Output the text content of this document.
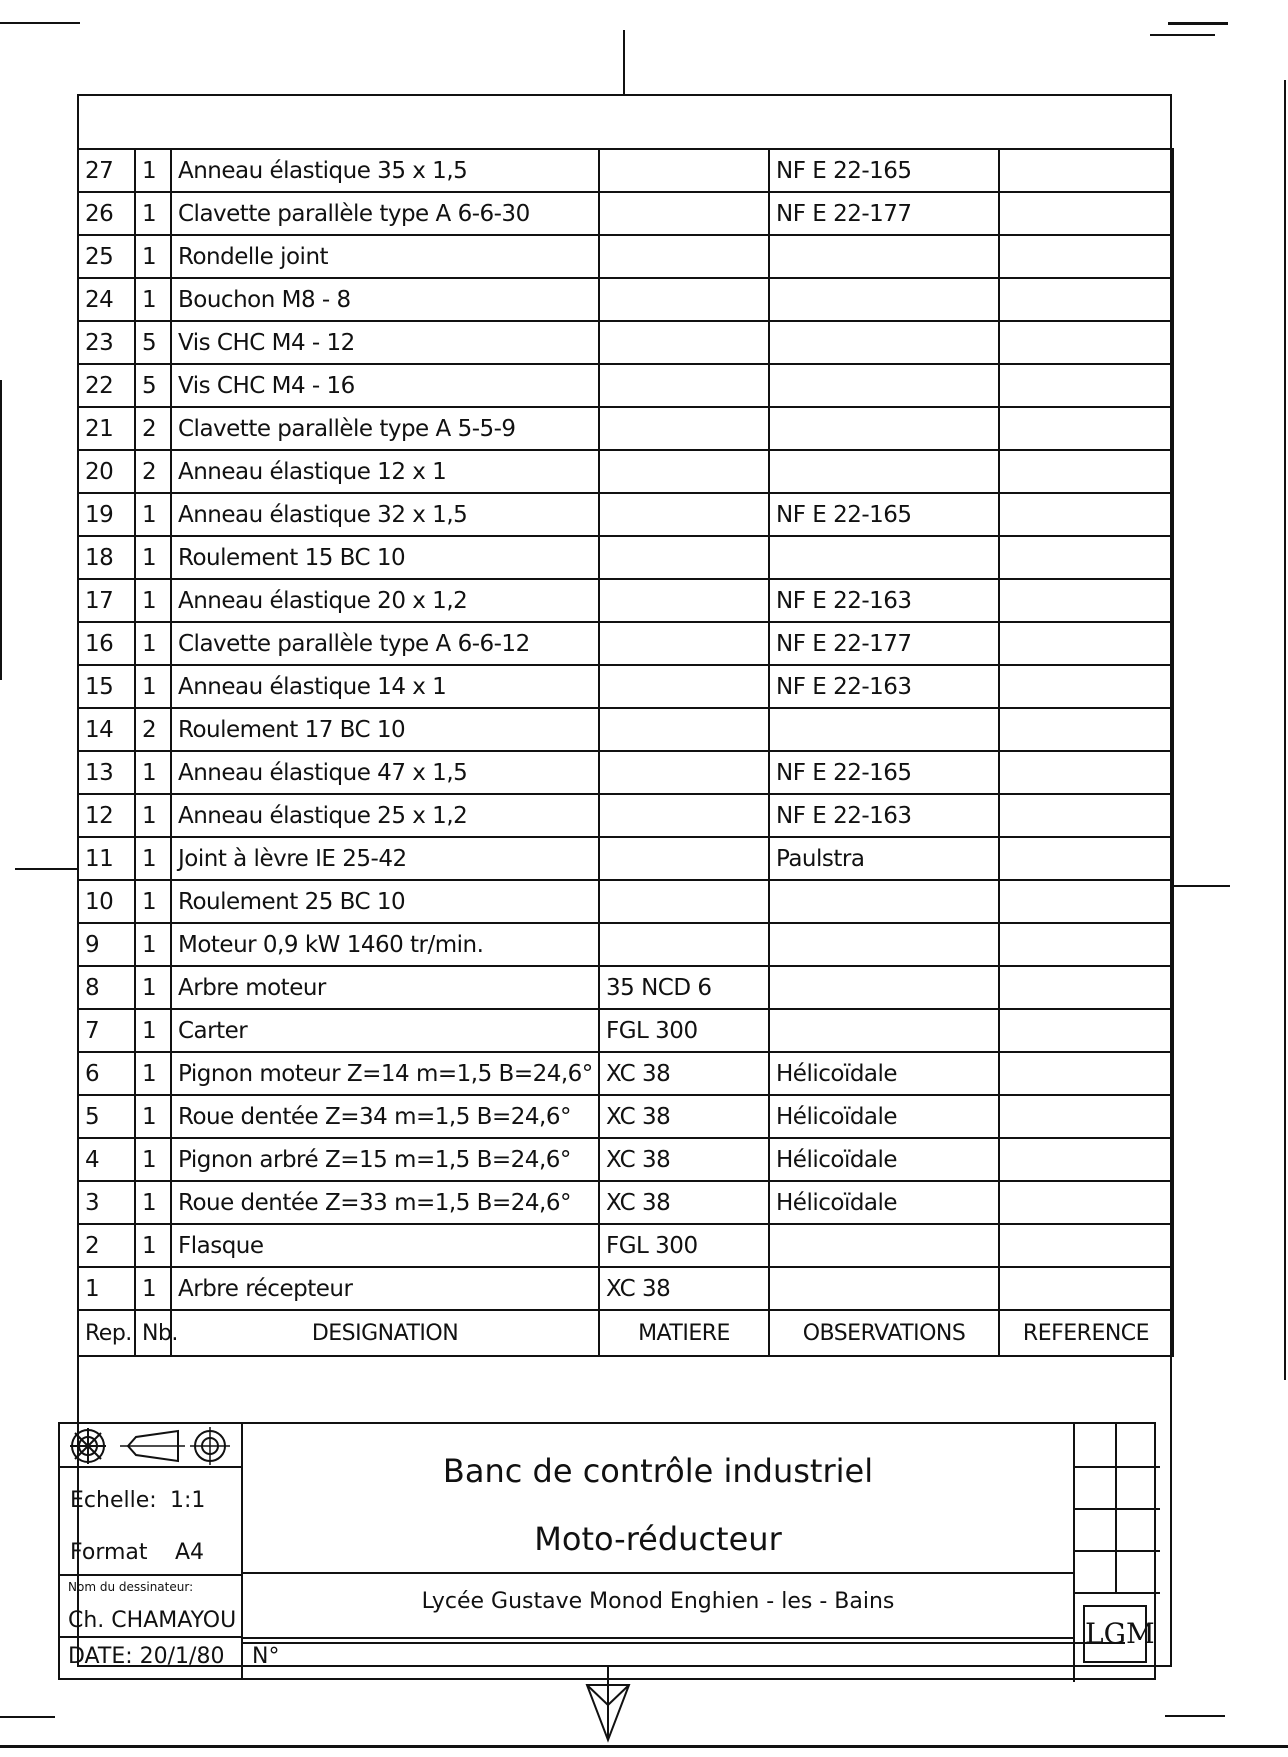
27	1	Anneau élastique 35 x 1,5		NF E 22-165	
26	1	Clavette parallèle type A 6-6-30		NF E 22-177	
25	1	Rondelle joint			
24	1	Bouchon M8 - 8			
23	5	Vis CHC M4 - 12			
22	5	Vis CHC M4 - 16			
21	2	Clavette parallèle type A 5-5-9			
20	2	Anneau élastique 12 x 1			
19	1	Anneau élastique 32 x 1,5		NF E 22-165	
18	1	Roulement 15 BC 10			
17	1	Anneau élastique 20 x 1,2		NF E 22-163	
16	1	Clavette parallèle type A 6-6-12		NF E 22-177	
15	1	Anneau élastique 14 x 1		NF E 22-163	
14	2	Roulement 17 BC 10			
13	1	Anneau élastique 47 x 1,5		NF E 22-165	
12	1	Anneau élastique 25 x 1,2		NF E 22-163	
11	1	Joint à lèvre IE 25-42		Paulstra	
10	1	Roulement 25 BC 10			
9	1	Moteur 0,9 kW 1460 tr/min.			
8	1	Arbre moteur	35 NCD 6		
7	1	Carter	FGL 300		
6	1	Pignon moteur Z=14 m=1,5 B=24,6°	XC 38	Hélicoïdale	
5	1	Roue dentée Z=34 m=1,5 B=24,6°	XC 38	Hélicoïdale	
4	1	Pignon arbré Z=15 m=1,5 B=24,6°	XC 38	Hélicoïdale	
3	1	Roue dentée Z=33 m=1,5 B=24,6°	XC 38	Hélicoïdale	
2	1	Flasque	FGL 300		
1	1	Arbre récepteur	XC 38		
Rep.	Nb.	DESIGNATION	MATIERE	OBSERVATIONS	REFERENCE
Echelle: 1:1
Format A4
Nom du dessinateur:
Ch. CHAMAYOU
DATE: 20/1/80
Banc de contrôle industriel
Moto-réducteur
Lycée Gustave Monod Enghien - les - Bains
N°
LGM
